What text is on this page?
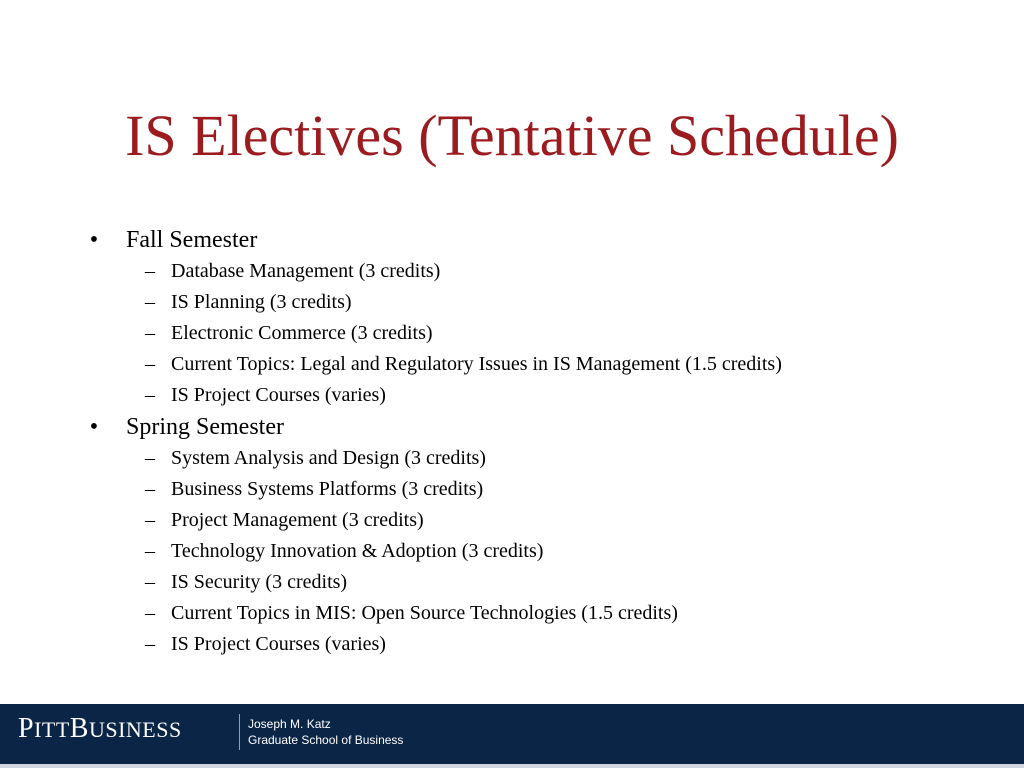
IS Electives (Tentative Schedule)
• Fall Semester
– Database Management (3 credits)
– IS Planning (3 credits)
– Electronic Commerce (3 credits)
– Current Topics: Legal and Regulatory Issues in IS Management (1.5 credits)
– IS Project Courses (varies)
• Spring Semester
– System Analysis and Design (3 credits)
– Business Systems Platforms (3 credits)
– Project Management (3 credits)
– Technology Innovation & Adoption (3 credits)
– IS Security (3 credits)
– Current Topics in MIS: Open Source Technologies (1.5 credits)
– IS Project Courses (varies)
PITTBUSINESS	Joseph M. Katz
Graduate School of Business
